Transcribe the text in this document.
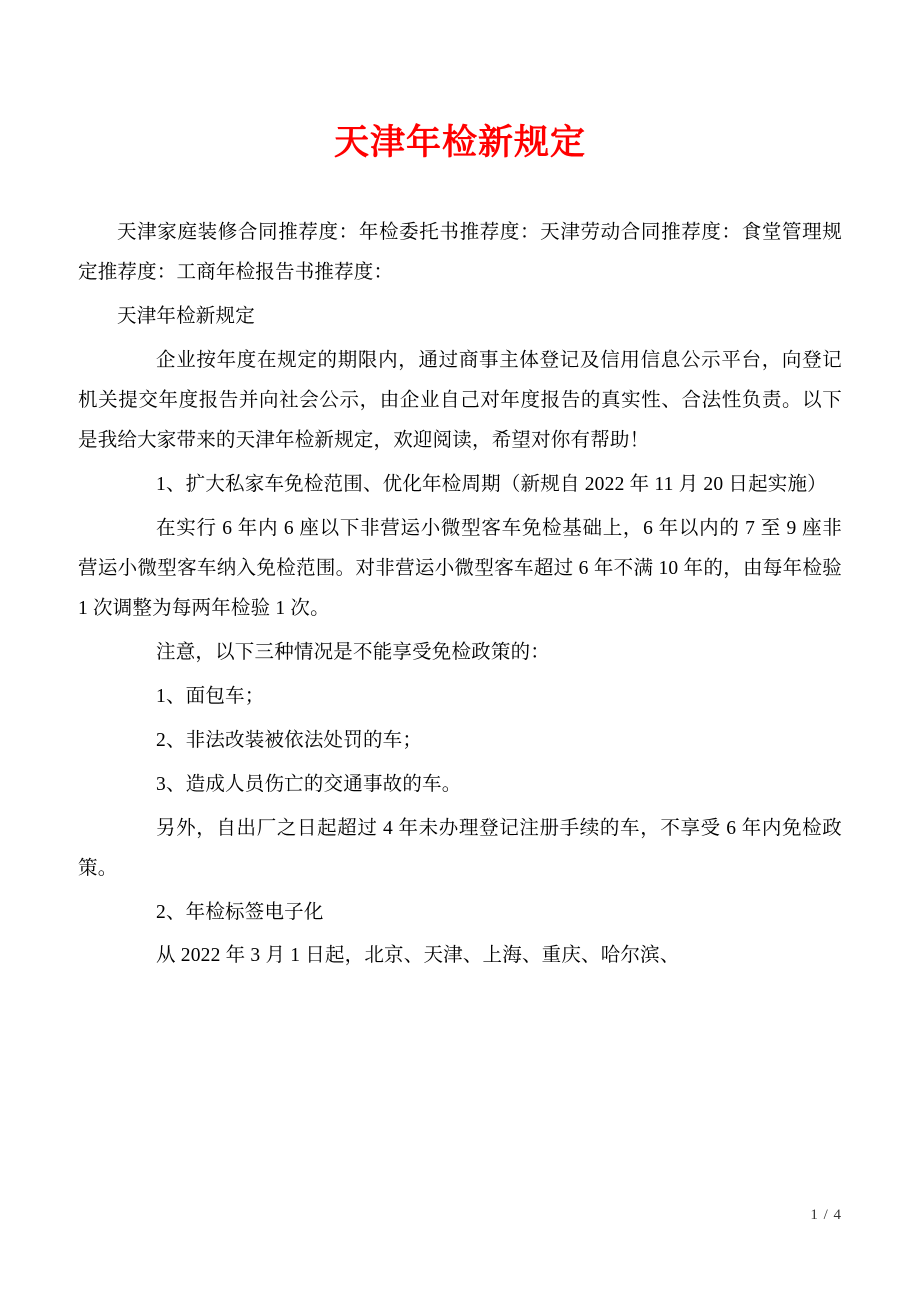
天津年检新规定

天津家庭装修合同推荐度：年检委托书推荐度：天津劳动合同推荐度：食堂管理规定推荐度：工商年检报告书推荐度：

天津年检新规定

企业按年度在规定的期限内，通过商事主体登记及信用信息公示平台，向登记机关提交年度报告并向社会公示，由企业自己对年度报告的真实性、合法性负责。以下是我给大家带来的天津年检新规定，欢迎阅读，希望对你有帮助！

1、扩大私家车免检范围、优化年检周期（新规自 2022 年 11 月 20 日起实施）

在实行 6 年内 6 座以下非营运小微型客车免检基础上，6 年以内的 7 至 9 座非营运小微型客车纳入免检范围。对非营运小微型客车超过 6 年不满 10 年的，由每年检验 1 次调整为每两年检验 1 次。

注意，以下三种情况是不能享受免检政策的：

1、面包车；

2、非法改装被依法处罚的车；

3、造成人员伤亡的交通事故的车。

另外，自出厂之日起超过 4 年未办理登记注册手续的车，不享受 6 年内免检政策。

2、年检标签电子化

从 2022 年 3 月 1 日起，北京、天津、上海、重庆、哈尔滨、

1 / 4
